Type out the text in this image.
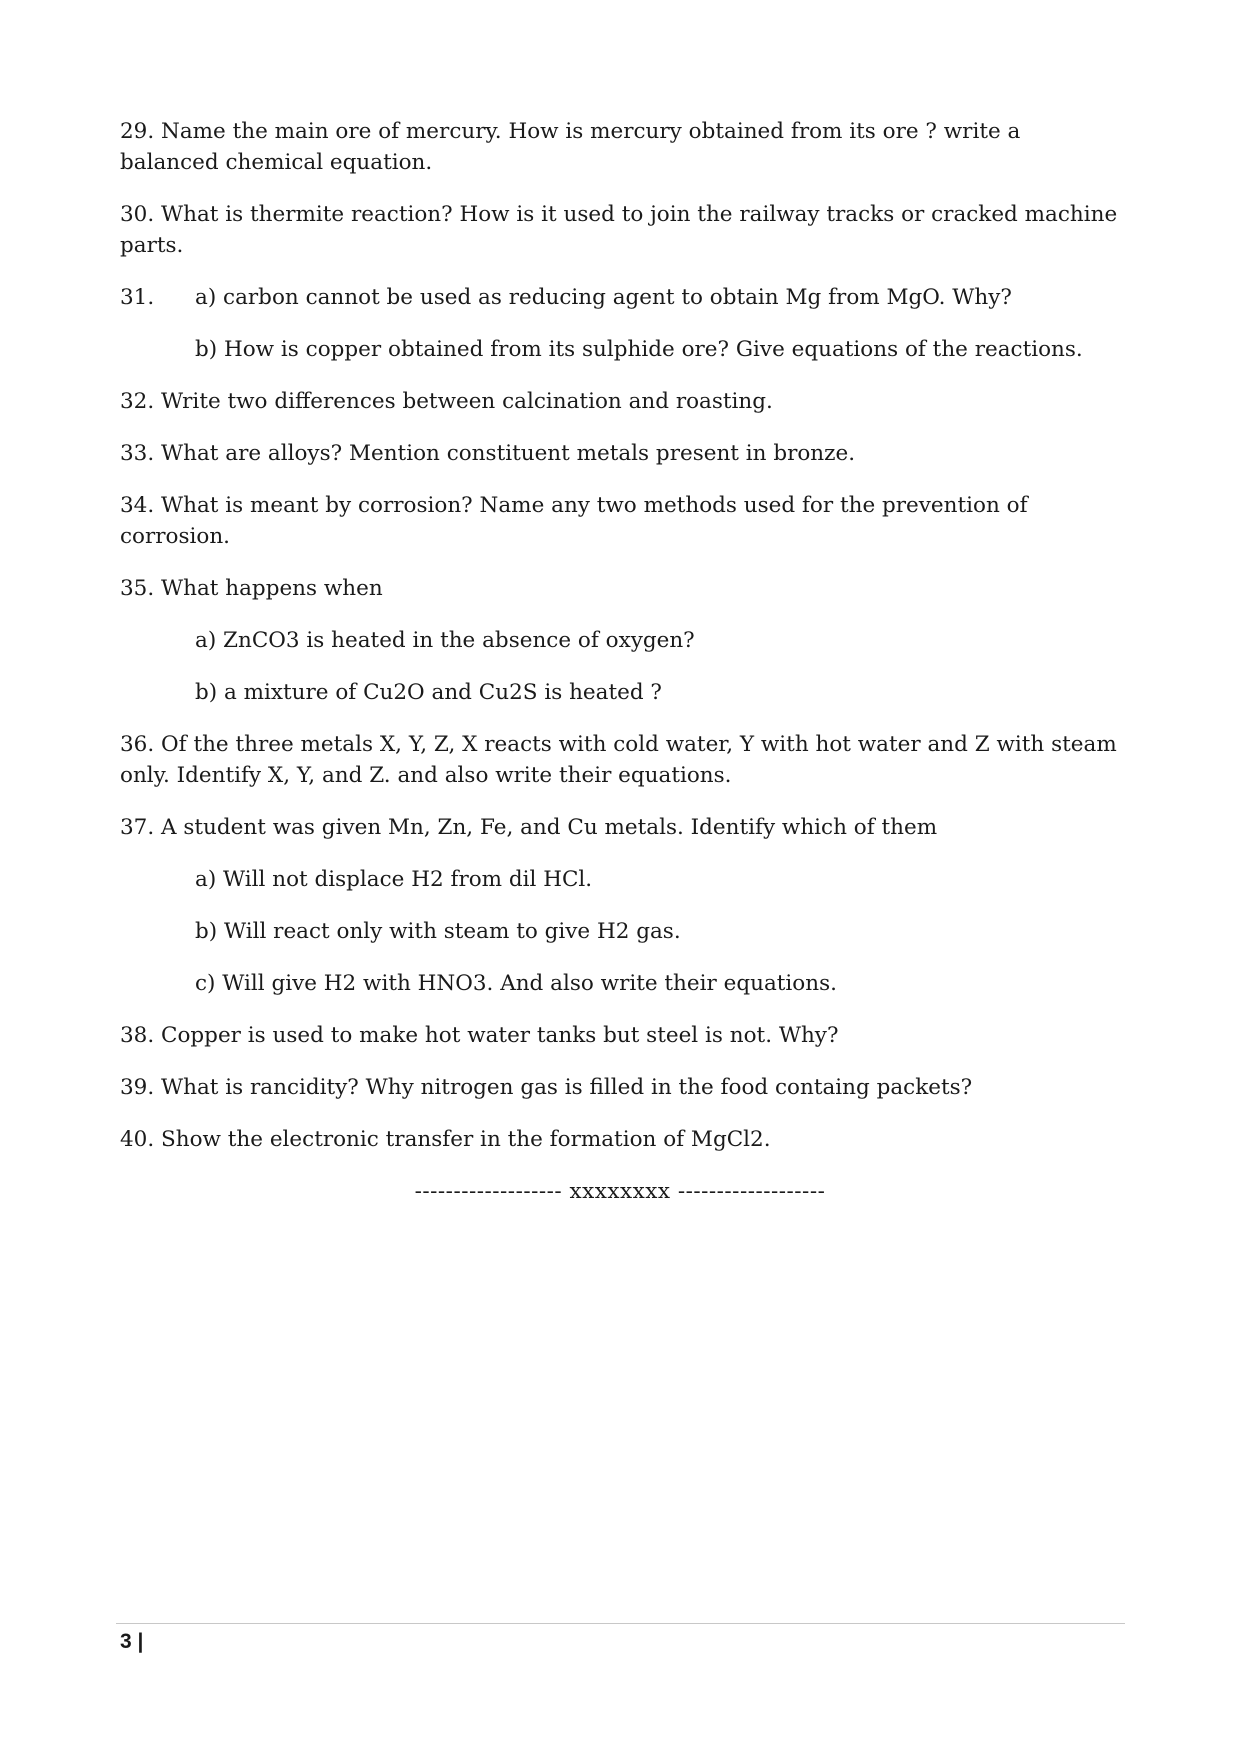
29. Name the main ore of mercury. How is mercury obtained from its ore ? write a balanced chemical equation.

30. What is thermite reaction? How is it used to join the railway tracks or cracked machine parts.

31.	a) carbon cannot be used as reducing agent to obtain Mg from MgO. Why?

b) How is copper obtained from its sulphide ore? Give equations of the reactions.

32. Write two differences between calcination and roasting.

33. What are alloys? Mention constituent metals present in bronze.

34. What is meant by corrosion? Name any two methods used for the prevention of corrosion.

35. What happens when

a) ZnCO3 is heated in the absence of oxygen?

b) a mixture of Cu2O and Cu2S is heated ?

36. Of the three metals X, Y, Z, X reacts with cold water, Y with hot water and Z with steam only. Identify X, Y, and Z. and also write their equations.

37. A student was given Mn, Zn, Fe, and Cu metals. Identify which of them

a) Will not displace H2 from dil HCl.

b) Will react only with steam to give H2 gas.

c) Will give H2 with HNO3. And also write their equations.

38. Copper is used to make hot water tanks but steel is not. Why?

39. What is rancidity? Why nitrogen gas is filled in the food containg packets?

40. Show the electronic transfer in the formation of MgCl2.

------------------- xxxxxxxx -------------------
3 |
